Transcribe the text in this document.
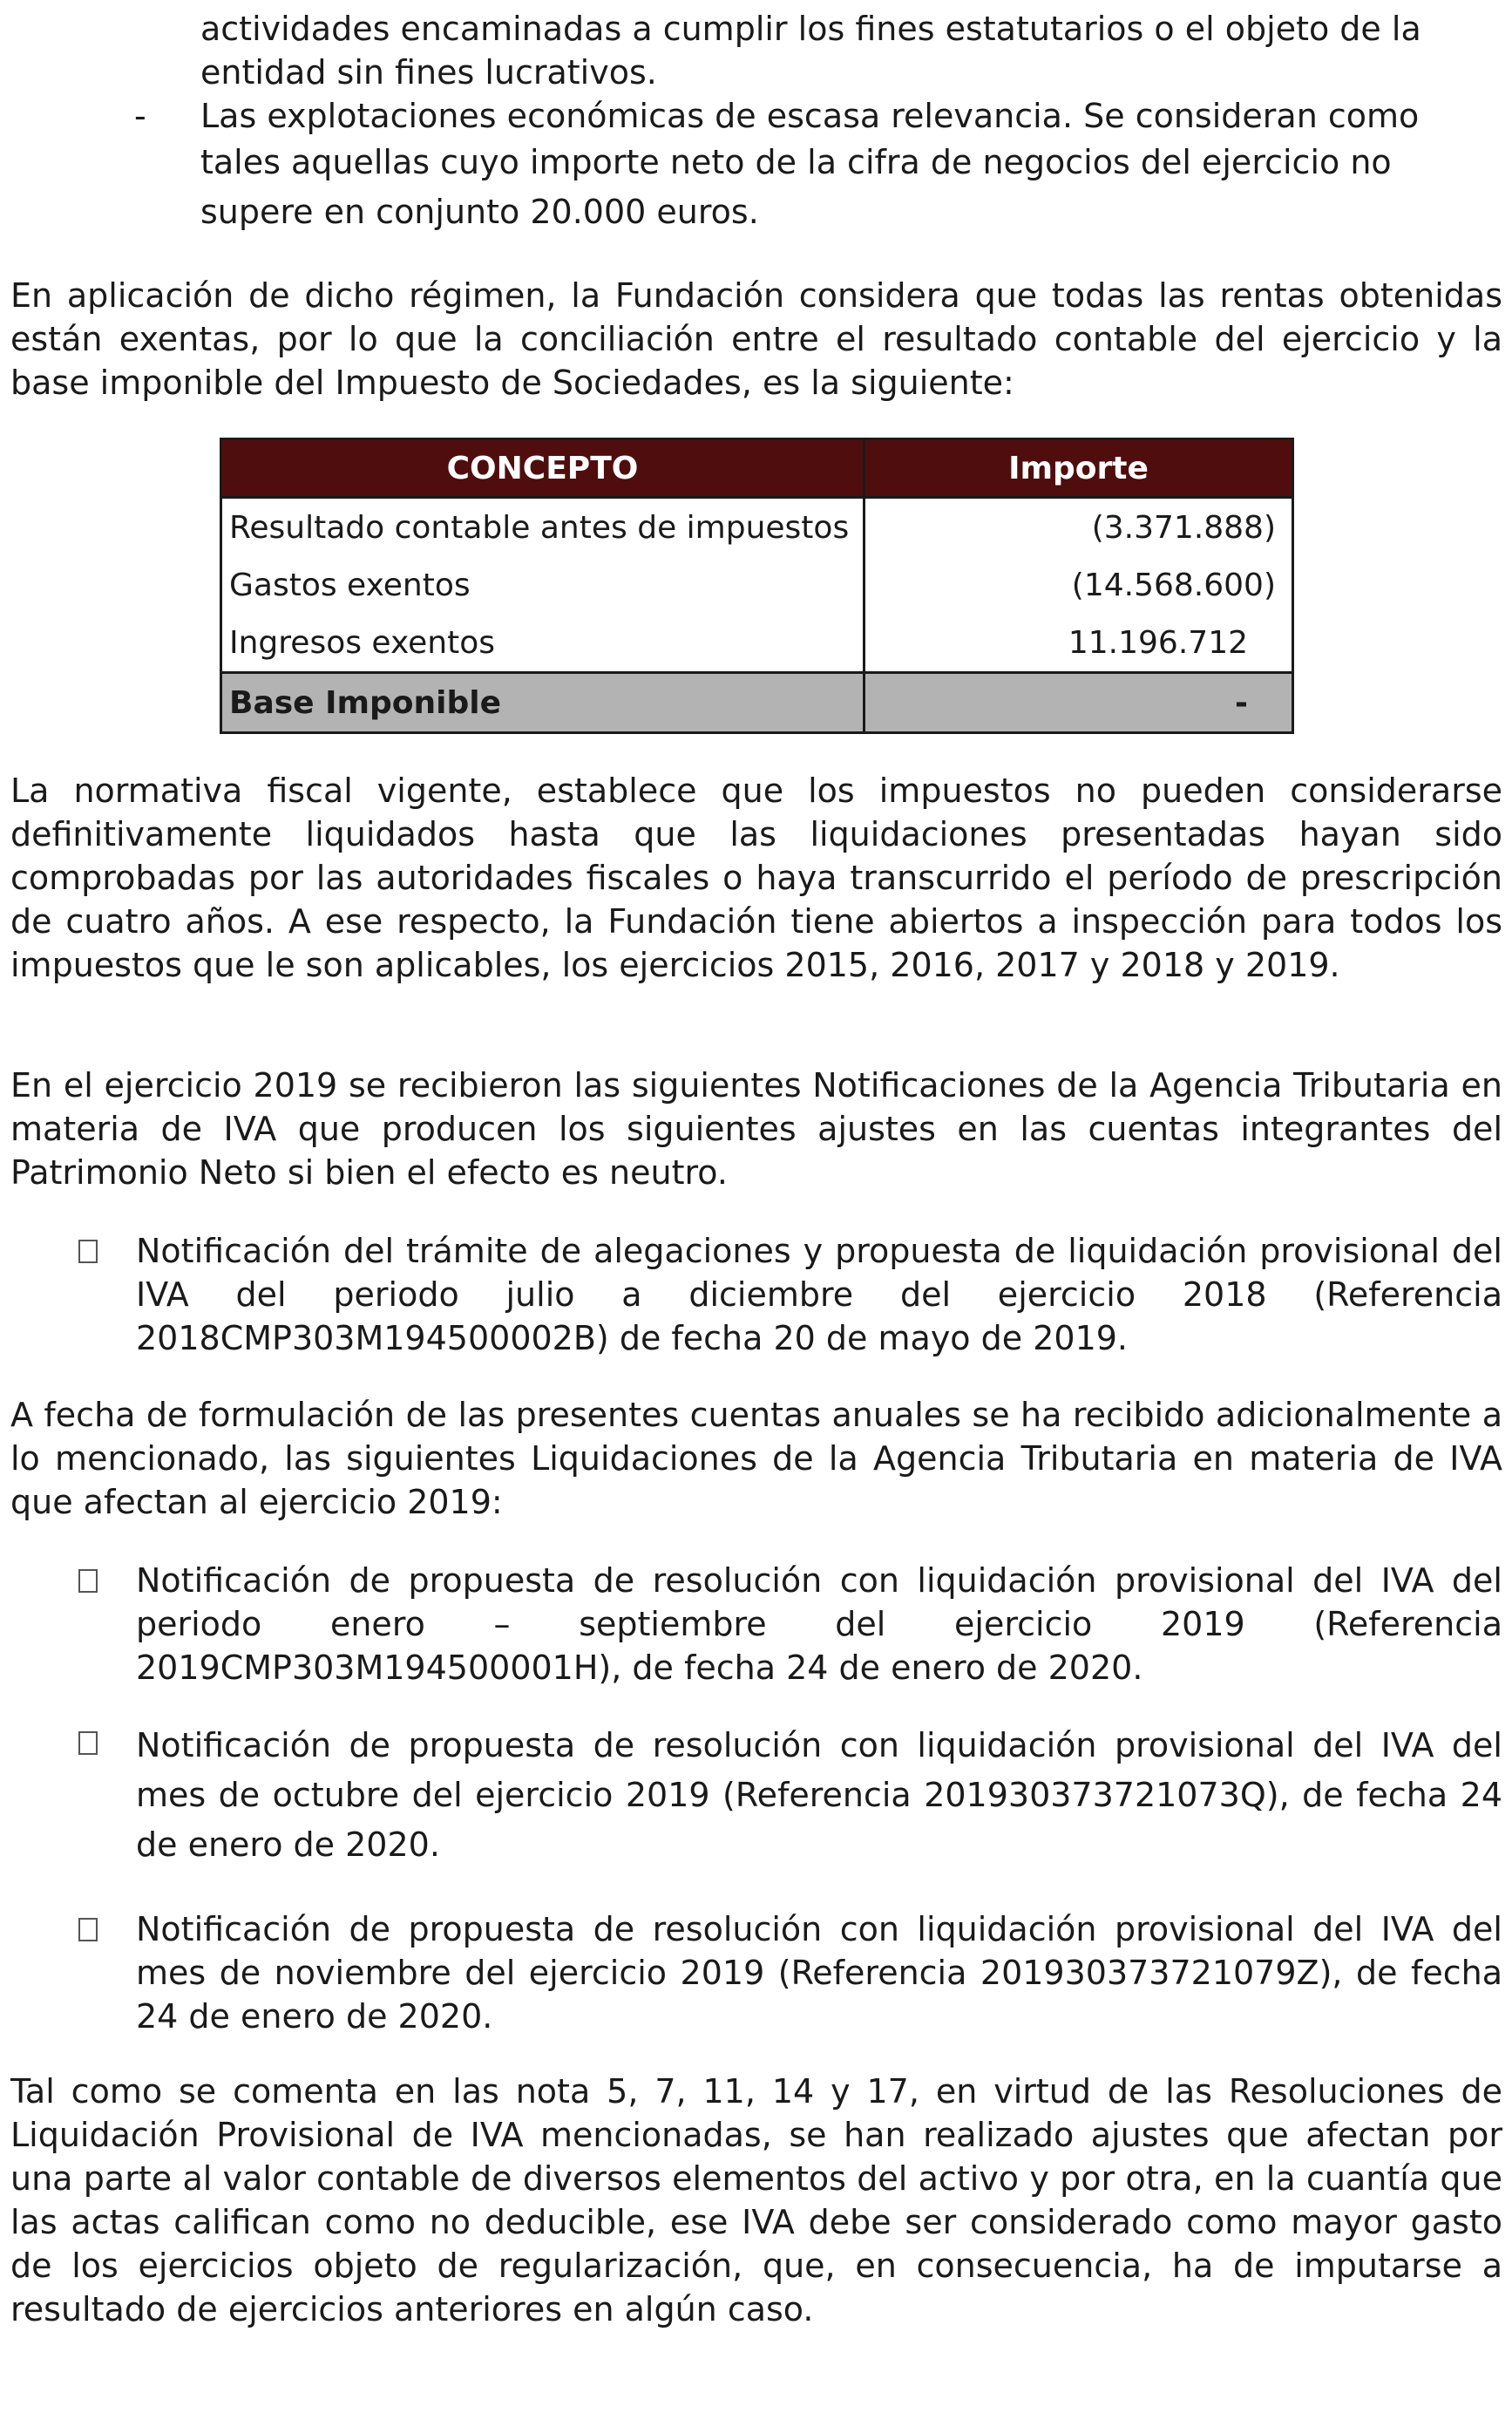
actividades encaminadas a cumplir los fines estatutarios o el objeto de la
entidad sin fines lucrativos.
-	Las explotaciones económicas de escasa relevancia. Se consideran como
tales aquellas cuyo importe neto de la cifra de negocios del ejercicio no
supere en conjunto 20.000 euros.

En aplicación de dicho régimen, la Fundación considera que todas las rentas obtenidas están exentas, por lo que la conciliación entre el resultado contable del ejercicio y la base imponible del Impuesto de Sociedades, es la siguiente:

CONCEPTO	Importe
Resultado contable antes de impuestos	(3.371.888)
Gastos exentos	(14.568.600)
Ingresos exentos	11.196.712
Base Imponible	-

La normativa fiscal vigente, establece que los impuestos no pueden considerarse definitivamente liquidados hasta que las liquidaciones presentadas hayan sido comprobadas por las autoridades fiscales o haya transcurrido el período de prescripción de cuatro años. A ese respecto, la Fundación tiene abiertos a inspección para todos los impuestos que le son aplicables, los ejercicios 2015, 2016, 2017 y 2018 y 2019.

En el ejercicio 2019 se recibieron las siguientes Notificaciones de la Agencia Tributaria en materia de IVA que producen los siguientes ajustes en las cuentas integrantes del Patrimonio Neto si bien el efecto es neutro.

Notificación del trámite de alegaciones y propuesta de liquidación provisional del IVA del periodo julio a diciembre del ejercicio 2018 (Referencia 2018CMP303M194500002B) de fecha 20 de mayo de 2019.

A fecha de formulación de las presentes cuentas anuales se ha recibido adicionalmente a lo mencionado, las siguientes Liquidaciones de la Agencia Tributaria en materia de IVA que afectan al ejercicio 2019:

Notificación de propuesta de resolución con liquidación provisional del IVA del periodo enero – septiembre del ejercicio 2019 (Referencia 2019CMP303M194500001H), de fecha 24 de enero de 2020.
Notificación de propuesta de resolución con liquidación provisional del IVA del mes de octubre del ejercicio 2019 (Referencia 201930373721073Q), de fecha 24 de enero de 2020.
Notificación de propuesta de resolución con liquidación provisional del IVA del mes de noviembre del ejercicio 2019 (Referencia 201930373721079Z), de fecha 24 de enero de 2020.

Tal como se comenta en las nota 5, 7, 11, 14 y 17, en virtud de las Resoluciones de Liquidación Provisional de IVA mencionadas, se han realizado ajustes que afectan por una parte al valor contable de diversos elementos del activo y por otra, en la cuantía que las actas califican como no deducible, ese IVA debe ser considerado como mayor gasto de los ejercicios objeto de regularización, que, en consecuencia, ha de imputarse a resultado de ejercicios anteriores en algún caso.
